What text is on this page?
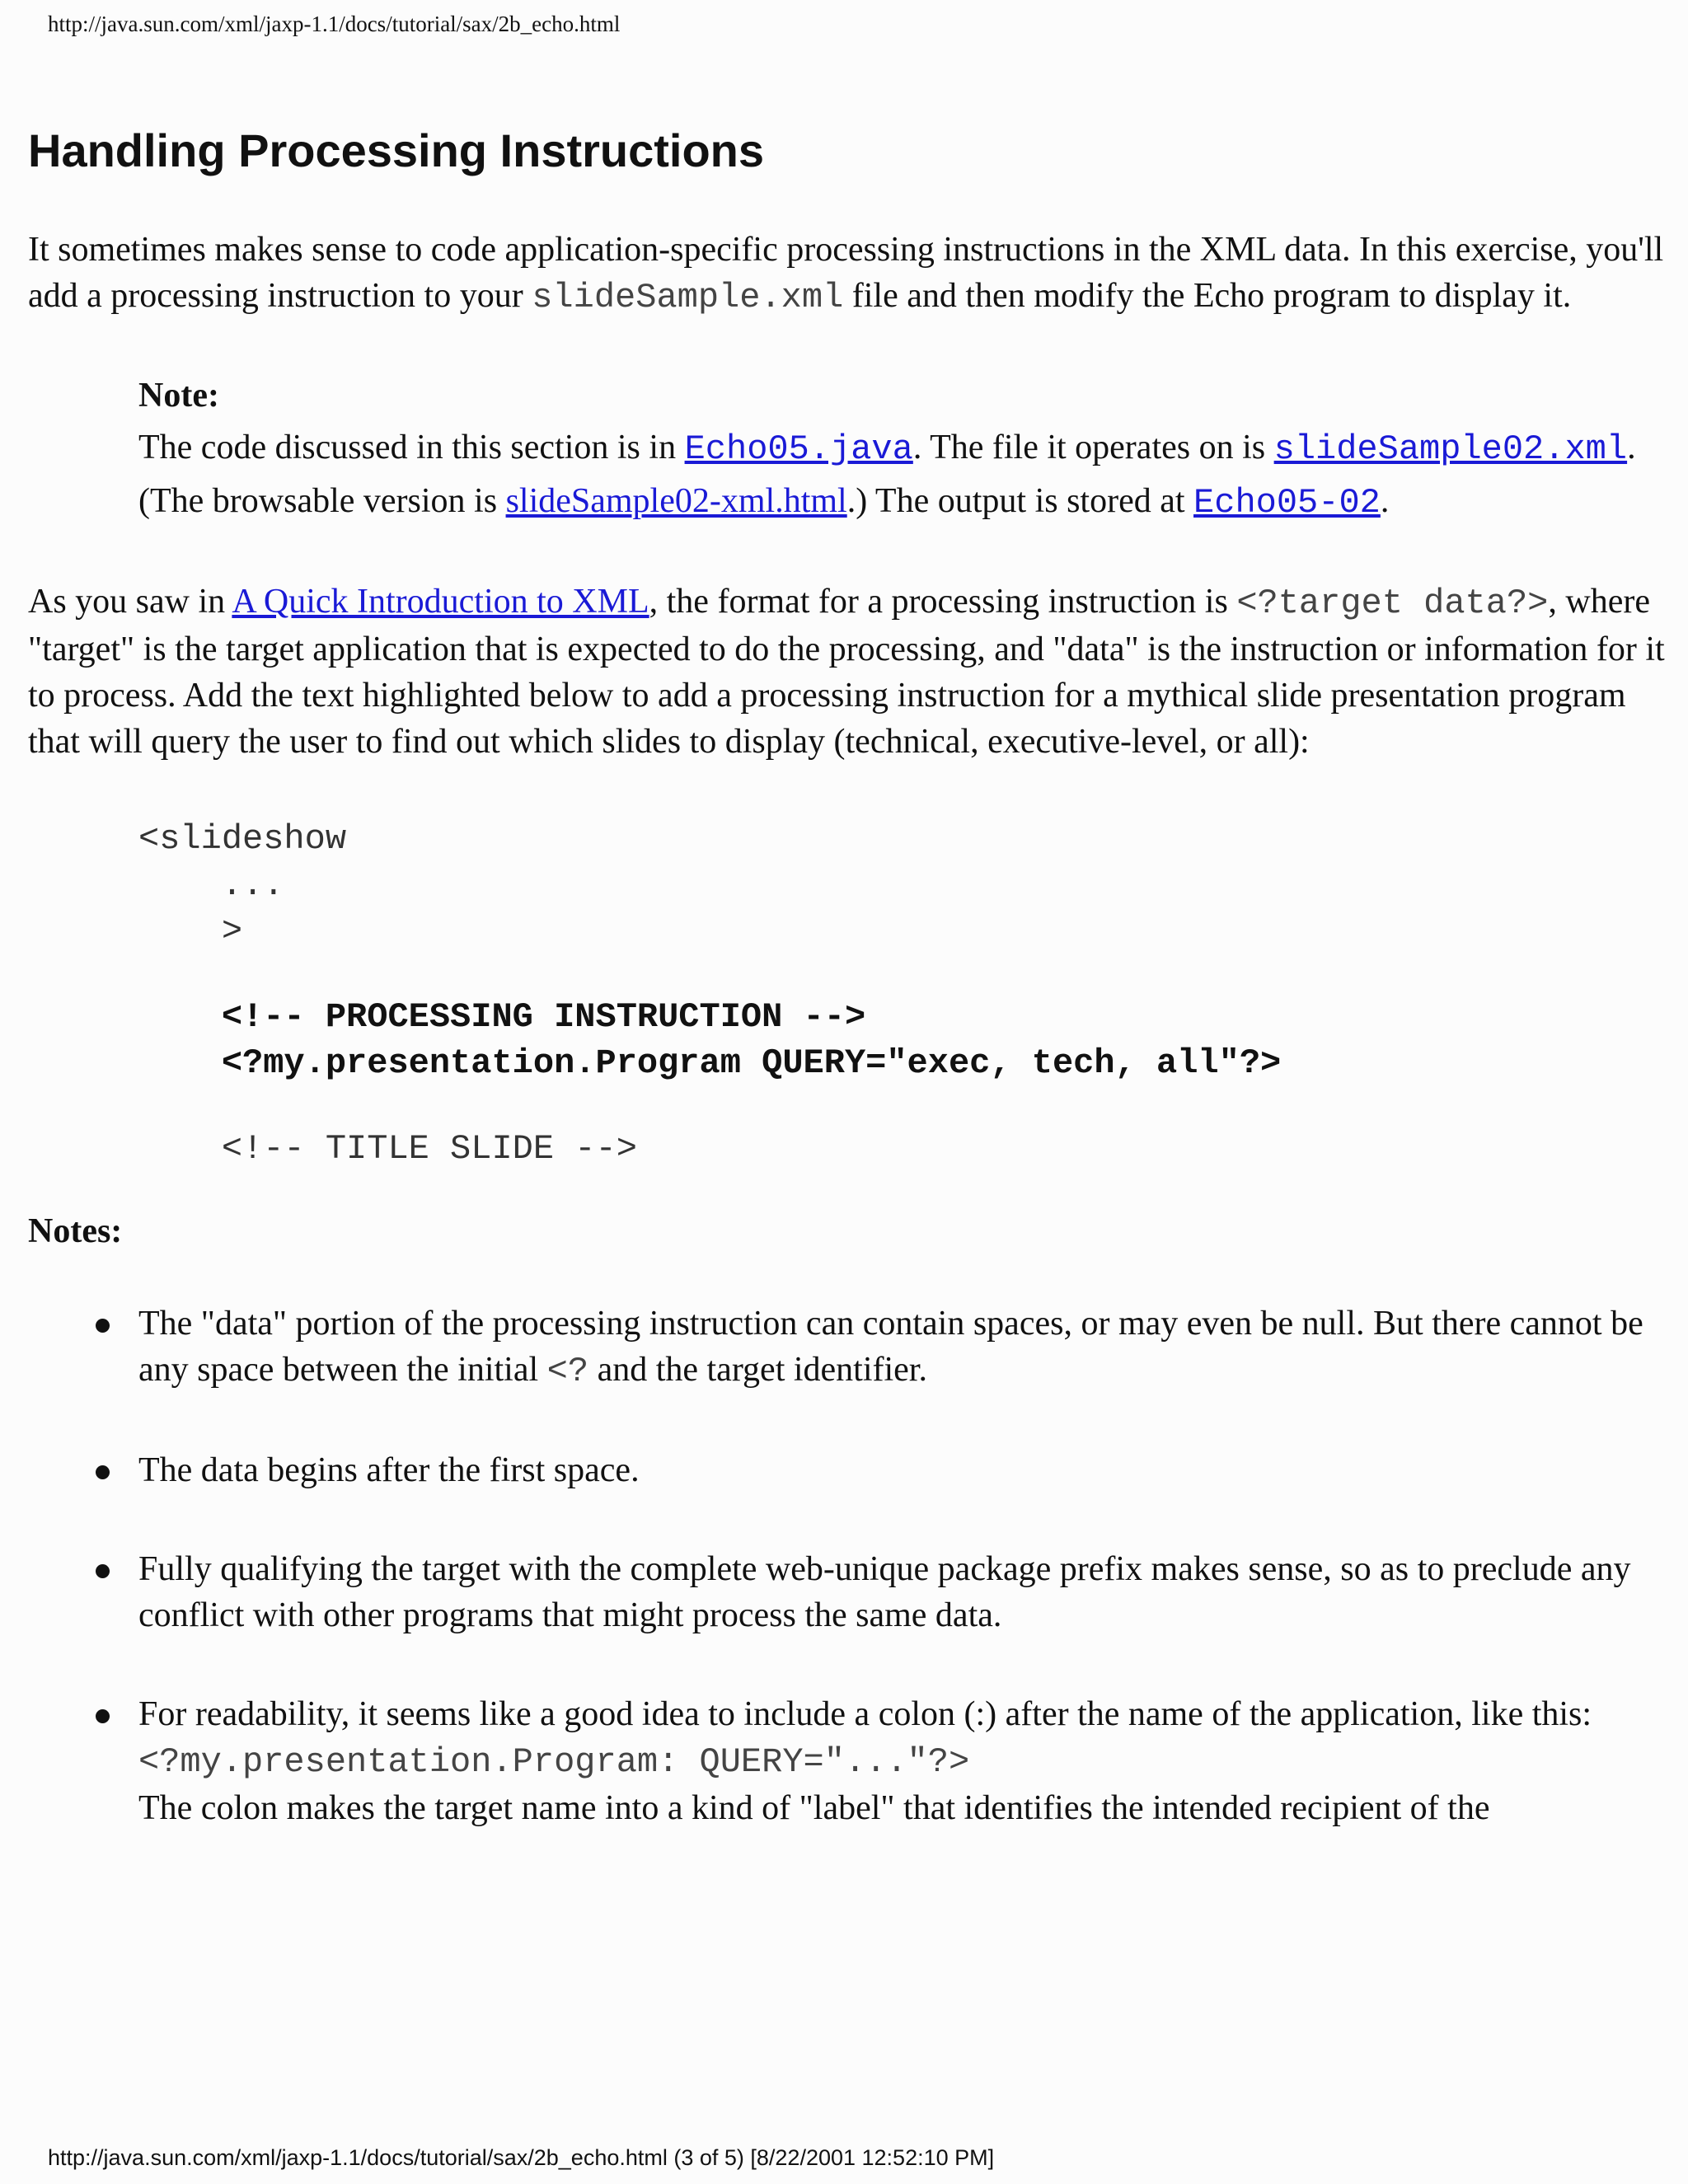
http://java.sun.com/xml/jaxp-1.1/docs/tutorial/sax/2b_echo.html
Handling Processing Instructions

It sometimes makes sense to code application-specific processing instructions in the XML data. In this exercise, you'll add a processing instruction to your slideSample.xml file and then modify the Echo program to display it.

Note:
The code discussed in this section is in Echo05.java. The file it operates on is slideSample02.xml. (The browsable version is slideSample02-xml.html.) The output is stored at Echo05-02.

As you saw in A Quick Introduction to XML, the format for a processing instruction is <?target data?>, where "target" is the target application that is expected to do the processing, and "data" is the instruction or information for it to process. Add the text highlighted below to add a processing instruction for a mythical slide presentation program that will query the user to find out which slides to display (technical, executive-level, or all):

<slideshow
...
>
<!-- PROCESSING INSTRUCTION -->
<?my.presentation.Program QUERY="exec, tech, all"?>
<!-- TITLE SLIDE -->
Notes:
The "data" portion of the processing instruction can contain spaces, or may even be null. But there cannot be any space between the initial <? and the target identifier.
The data begins after the first space.
Fully qualifying the target with the complete web-unique package prefix makes sense, so as to preclude any conflict with other programs that might process the same data.
For readability, it seems like a good idea to include a colon (:) after the name of the application, like this:
<?my.presentation.Program: QUERY="..."?>
The colon makes the target name into a kind of "label" that identifies the intended recipient of the
http://java.sun.com/xml/jaxp-1.1/docs/tutorial/sax/2b_echo.html (3 of 5) [8/22/2001 12:52:10 PM]
